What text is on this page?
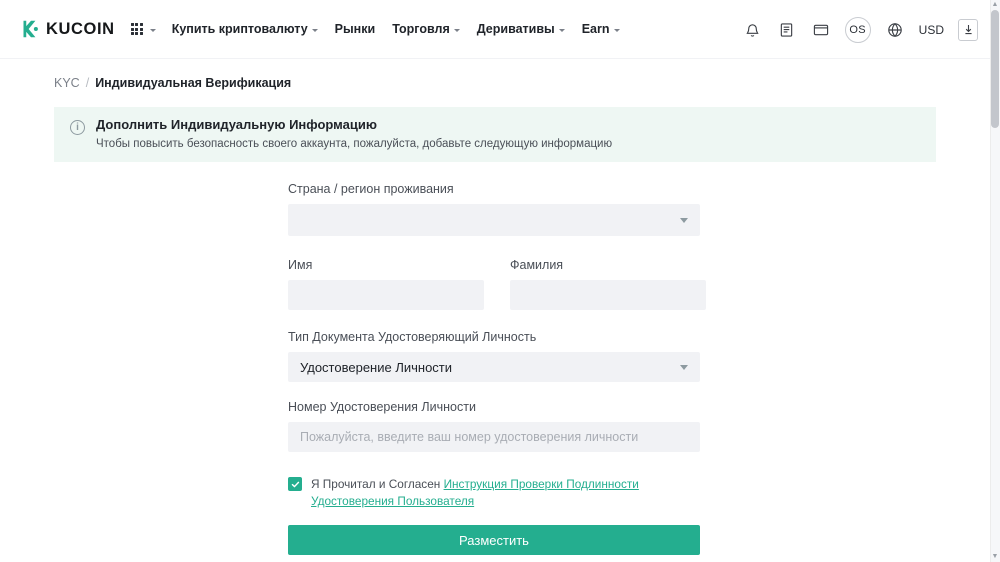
KUCOIN	Купить криптовалюту Рынки Торговля Деривативы Earn	OS	USD
KYC / Индивидуальная Верификация
i	Дополнить Индивидуальную Информацию
Чтобы повысить безопасность своего аккаунта, пожалуйста, добавьте следующую информацию
Страна / регион проживания
Имя	Фамилия
Тип Документа Удостоверяющий Личность
Удостоверение Личности
Номер Удостоверения Личности
Пожалуйста, введите ваш номер удостоверения личности
Я Прочитал и Согласен Инструкция Проверки Подлинности Удостоверения Пользователя
Разместить
▲
▼
